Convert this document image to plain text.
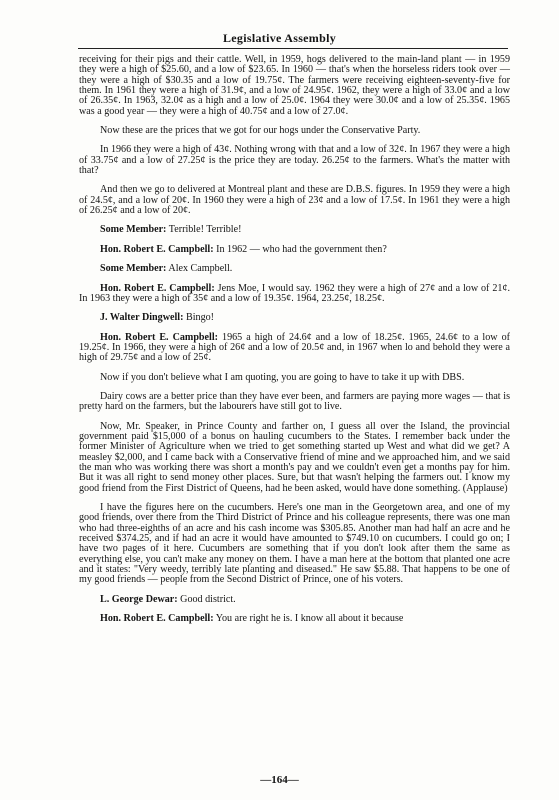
Legislative Assembly

receiving for their pigs and their cattle. Well, in 1959, hogs delivered to the main-land plant — in 1959 they were a high of $25.60, and a low of $23.65. In 1960 — that's when the horseless riders took over — they were a high of $30.35 and a low of 19.75¢. The farmers were receiving eighteen-seventy-five for them. In 1961 they were a high of 31.9¢, and a low of 24.95¢. 1962, they were a high of 33.0¢ and a low of 26.35¢. In 1963, 32.0¢ as a high and a low of 25.0¢. 1964 they were 30.0¢ and a low of 25.35¢. 1965 was a good year — they were a high of 40.75¢ and a low of 27.0¢.

Now these are the prices that we got for our hogs under the Conservative Party.

In 1966 they were a high of 43¢. Nothing wrong with that and a low of 32¢. In 1967 they were a high of 33.75¢ and a low of 27.25¢ is the price they are today. 26.25¢ to the farmers. What's the matter with that?

And then we go to delivered at Montreal plant and these are D.B.S. figures. In 1959 they were a high of 24.5¢, and a low of 20¢. In 1960 they were a high of 23¢ and a low of 17.5¢. In 1961 they were a high of 26.25¢ and a low of 20¢.

Some Member: Terrible! Terrible!

Hon. Robert E. Campbell: In 1962 — who had the government then?

Some Member: Alex Campbell.

Hon. Robert E. Campbell: Jens Moe, I would say. 1962 they were a high of 27¢ and a low of 21¢. In 1963 they were a high of 35¢ and a low of 19.35¢. 1964, 23.25¢, 18.25¢.

J. Walter Dingwell: Bingo!

Hon. Robert E. Campbell: 1965 a high of 24.6¢ and a low of 18.25¢. 1965, 24.6¢ to a low of 19.25¢. In 1966, they were a high of 26¢ and a low of 20.5¢ and, in 1967 when lo and behold they were a high of 29.75¢ and a low of 25¢.

Now if you don't believe what I am quoting, you are going to have to take it up with DBS.

Dairy cows are a better price than they have ever been, and farmers are paying more wages — that is pretty hard on the farmers, but the labourers have still got to live.

Now, Mr. Speaker, in Prince County and farther on, I guess all over the Island, the provincial government paid $15,000 of a bonus on hauling cucumbers to the States. I remember back under the former Minister of Agriculture when we tried to get something started up West and what did we get? A measley $2,000, and I came back with a Conservative friend of mine and we approached him, and we said the man who was working there was short a month's pay and we couldn't even get a months pay for him. But it was all right to send money other places. Sure, but that wasn't helping the farmers out. I know my good friend from the First District of Queens, had he been asked, would have done something. (Applause)

I have the figures here on the cucumbers. Here's one man in the Georgetown area, and one of my good friends, over there from the Third District of Prince and his colleague represents, there was one man who had three-eighths of an acre and his cash income was $305.85. Another man had half an acre and he received $374.25, and if had an acre it would have amounted to $749.10 on cucumbers. I could go on; I have two pages of it here. Cucumbers are something that if you don't look after them the same as everything else, you can't make any money on them. I have a man here at the bottom that planted one acre and it states: "Very weedy, terribly late planting and diseased." He saw $5.88. That happens to be one of my good friends — people from the Second District of Prince, one of his voters.

L. George Dewar: Good district.

Hon. Robert E. Campbell: You are right he is. I know all about it because

—164—
